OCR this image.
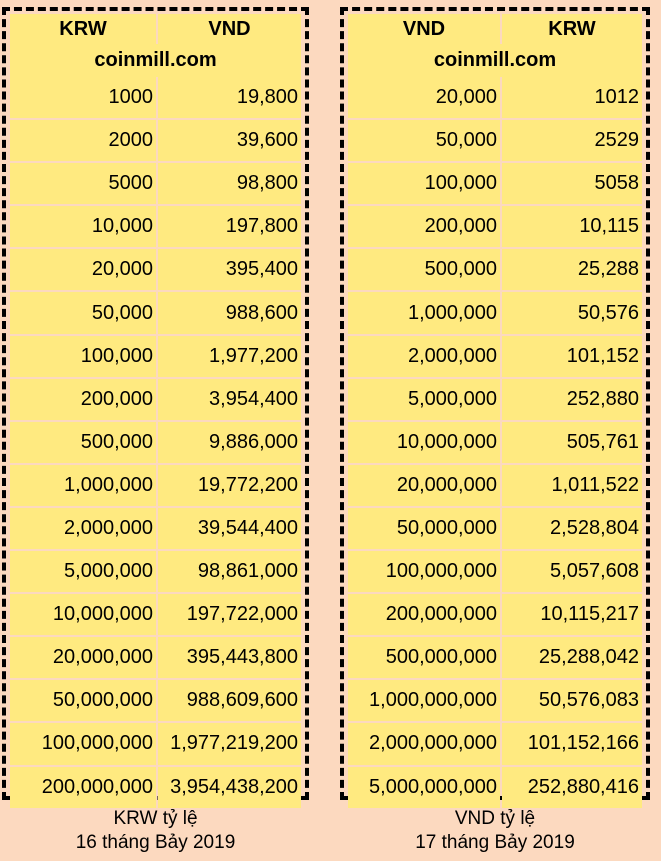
KRW	VND
coinmill.com
1000	19,800
2000	39,600
5000	98,800
10,000	197,800
20,000	395,400
50,000	988,600
100,000	1,977,200
200,000	3,954,400
500,000	9,886,000
1,000,000	19,772,200
2,000,000	39,544,400
5,000,000	98,861,000
10,000,000	197,722,000
20,000,000	395,443,800
50,000,000	988,609,600
100,000,000 1,977,219,200
200,000,000 3,954,438,200
VND	KRW
coinmill.com
20,000	1012
50,000	2529
100,000	5058
200,000	10,115
500,000	25,288
1,000,000	50,576
2,000,000	101,152
5,000,000	252,880
10,000,000	505,761
20,000,000	1,011,522
50,000,000	2,528,804
100,000,000	5,057,608
200,000,000	10,115,217
500,000,000	25,288,042
1,000,000,000	50,576,083
2,000,000,000	101,152,166
5,000,000,000	252,880,416
KRW tỷ lệ
16 tháng Bảy 2019
VND tỷ lệ
17 tháng Bảy 2019
